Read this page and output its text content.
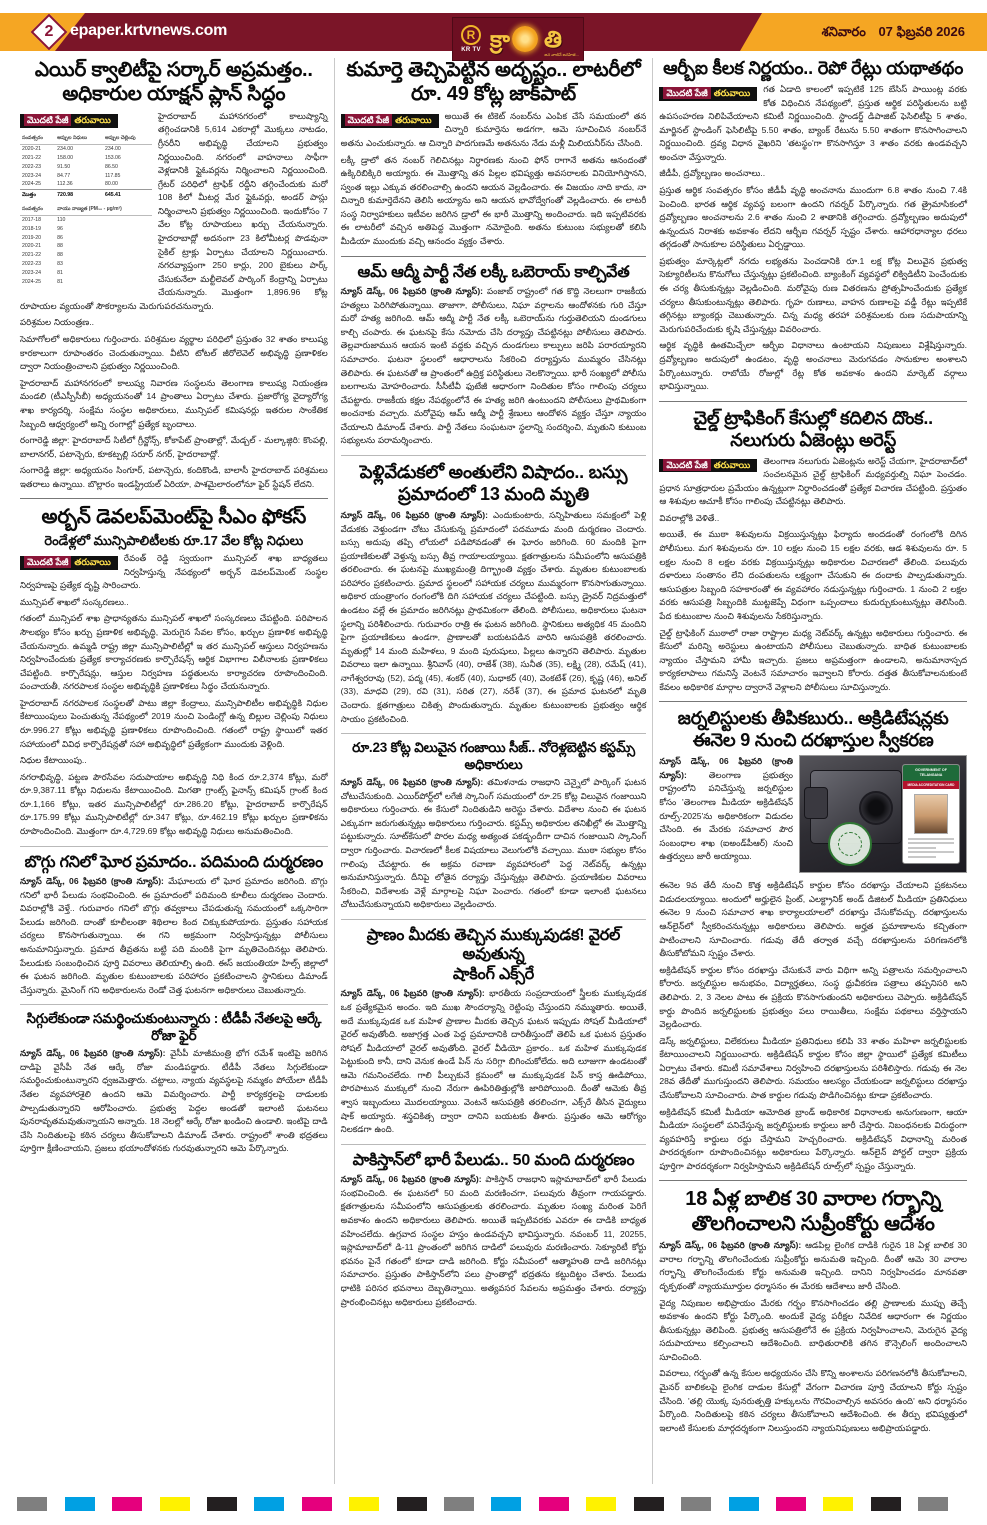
2	epaper.krtvnews.com	R
KR TV క్రా తి
జన వాణినే జనహిత...
శనివారం 07 ఫిబ్రవరి 2026
ఎయిర్ క్వాలిటీపై సర్కార్ అప్రమత్తం..
అధికారుల యాక్షన్ ప్లాన్ సిద్ధం
మొదటి పేజీ తరువాయి
సంవత్సరం	అప్పుల నిధులు	అప్పుల చెల్లింపు
2020-21	234.00	234.00
2021-22	158.00	153.06
2022-23	91.50	86.50
2023-24	84.77	117.85
2024-25	112.36	80.00
మొత్తం	720.98	645.41
సంవత్సరం	వాయు నాణ్యత (PM₁₀ - µg/m³)
2017-18	110
2018-19	96
2019-20	86
2020-21	88
2021-22	88
2022-23	83
2023-24	81
2024-25	81
హైదరాబాద్ మహానగరంలో కాలుష్యాన్ని తగ్గించడానికి 5,614 ఎకరాల్లో మొక్కలు నాటడం, గ్రీనరీని అభివృద్ధి చేయాలని ప్రభుత్వం నిర్ణయించింది. నగరంలో వాహనాలు సాఫీగా వెళ్లడానికి ఫ్లైఓవర్లను నిర్మించాలని నిర్ణయించింది. గ్రేటర్ పరిధిలో ట్రాఫిక్ రద్దీని తగ్గించేందుకు మరో 108 కిలో మీటర్ల మేర ఫ్లైఓవర్లు, అండర్ పాస్లు నిర్మించాలని ప్రభుత్వం నిర్ణయించింది. ఇందుకోసం 7 వేల కోట్ల రూపాయలు ఖర్చు చేయనున్నారు. హైదరాబాద్లో అదనంగా 23 కిలోమీటర్ల పొడవునా సైకిల్ ట్రాక్లు ఏర్పాటు చేయాలని నిర్ణయించారు. నగరవ్యాప్తంగా 250 కార్లు, 200 బైకులు పార్క్ చేసుకునేలా మల్టీలెవల్ పార్కింగ్ కేంద్రాన్ని ఏర్పాటు చేయనున్నారు. మొత్తంగా 1,896.96 కోట్ల రూపాయల వ్యయంతో సౌకర్యాలను మెరుగుపరచనున్నారు.
పరిశ్రమల నియంత్రణ..
సెమాగోలలో అధికారులు గుర్తించారు. పరిశ్రమల వ్యర్థాల పరిధిలో ప్రస్తుతం 32 శాతం కాలుష్య కారకాలుగా రూపాంతరం చెందుతున్నాయి. వీటిని టోటల్ జీరోలెవెల్ అభివృద్ధి ప్రణాళికల ద్వారా నియంత్రించాలని ప్రభుత్వం నిర్ణయించింది.
హైదరాబాద్ మహానగరంలో కాలుష్య నివారణ సంస్థలను తెలంగాణ కాలుష్య నియంత్రణ మండలి (టీఎస్పీసీబీ) అధ్యయనంతో 14 ప్రాంతాలు ఏర్పాటు చేశారు. ప్రజారోగ్య వైద్యారోగ్య శాఖ కార్యదర్శి, సంక్షేమ సంస్థల అధికారులు, మున్సిపల్ కమిషనర్లు ఇతరుల సాంకేతిక సిబ్బంది ఆధ్వర్యంలో అన్ని రంగాల్లో ప్రత్యేక బృందాలు.
రంగారెడ్డి జిల్లా: హైదరాబాద్ సిటీలో గ్రీన్జోన్స్, కోకాపేట్ ప్రాంతాల్లో, మేడ్చల్ - మల్కాజ్గిరి: కొంపల్లి, బాలానగర్, పటాన్చెరు, కూకట్పల్లి సరూర్ నగర్, హైదరాబాద్లో.
సంగారెడ్డి జిల్లా: అధ్యయనం సింగూర్, పటాన్చెరు, కందికొండి, బాలాసీ హైదరాబాద్ పరిశ్రమలు ఇతరాలు ఉన్నాయి. బొల్లారం ఇండస్ట్రియల్ ఏరియా, పాశమైలారంలోనూ ఫైర్ స్టేషన్ లేదని.
అర్బన్ డెవలప్‌మెంట్‌పై సీఎం ఫోకస్
రెండేళ్లలో మున్సిపాలిటీలకు రూ.17 వేల కోట్ల నిధులు
మొదటి పేజీ తరువాయి	రేవంత్ రెడ్డి స్వయంగా మున్సిపల్ శాఖ బాధ్యతలు నిర్వహిస్తున్న నేపథ్యంలో అర్బన్ డెవలప్‌మెంట్ సంస్థల నిర్వహణపై ప్రత్యేక దృష్టి సారించారు.
మున్సిపల్ శాఖలో సంస్కరణలు..
గతంలో మున్సిపల్ శాఖ ప్రాధాన్యతను మున్సిపల్ శాఖలో సంస్కరణలు చేపట్టింది. పరిపాలన సౌలభ్యం కోసం ఖర్చు ప్రణాళిక అభివృద్ధి, మెరుగైన సేవల కోసం, ఖర్చుల ప్రణాళిక అభివృద్ధి చేయనున్నారు. ఉమ్మడి రాష్ట్ర జిల్లా మున్సిపాలిటీల్లో ఇ తర మున్సిపల్ ఆస్తులు నిర్వహణను నిర్వహించేందుకు ప్రత్యేక కార్యాచరణకు కార్పొరేషన్స్ ఆర్థిక విభాగాల విలీనాలకు ప్రణాళికలు చేపట్టింది. కార్పొరేషన్లు, ఆస్తుల నిర్వహణ పద్ధతులను కార్యాచరణ రూపొందించింది. పంచాయతీ, నగరపాలక సంస్థల అభివృద్ధికి ప్రణాళికలు సిద్ధం చేయనున్నారు.
హైదరాబాద్ నగరపాలక సంస్థలతో పాటు జిల్లా కేంద్రాలు, మున్సిపాలిటీల అభివృద్ధికి నిధుల కేటాయింపులు పెంచుతున్న నేపథ్యంలో 2019 నుంచి పెండింగ్లో ఉన్న బిల్లుల చెల్లింపు నిధులు రూ.996.27 కోట్లు అభివృద్ధి ప్రణాళికలు రూపొందించింది. గతంలో రాష్ట్ర స్థాయిలో ఇతర సహాయంలో వివిధ కార్పొరేషన్లతో సహా అభివృద్ధిలో ప్రత్యేకంగా ముందుకు వెళ్లింది.
నిధుల కేటాయింపు..
నగరాభివృద్ధి, పట్టణ పౌరసేవల సదుపాయాల అభివృద్ధి నిధి కింద రూ.2,374 కోట్లు, మరో రూ.9,387.11 కోట్లు నిధులను కేటాయించింది. మిగతా గ్రాంట్స్ ఫైనాన్స్ కమిషన్ గ్రాంట్ కింద రూ.1,166 కోట్లు, ఇతర మున్సిపాలిటీల్లో రూ.286.20 కోట్లు, హైదరాబాద్ కార్పొరేషన్ రూ.175.99 కోట్లు మున్సిపాలిటీల్లో రూ.347 కోట్లు, రూ.462.19 కోట్లు ఖర్చుల ప్రణాళికను రూపొందించింది. మొత్తంగా రూ.4,729.69 కోట్లు అభివృద్ధి నిధులు అనుమతించింది.
బొగ్గు గనిలో ఘోర ప్రమాదం.. పదిమంది దుర్మరణం
న్యూస్ డెస్క్, 06 ఫిబ్రవరి (క్రాంతి న్యూస్): మేఘాలయ లో ఘోర ప్రమాదం జరిగింది. బొగ్గు గనిలో భారీ పేలుడు సంభవించింది. ఈ ప్రమాదంలో పదిమంది కూలీలు దుర్మరణం చెందారు. వివరాల్లోకి వెళ్తే.. గురువారం గనిలో బొగ్గు తవ్వకాలు చేపడుతున్న సమయంలో ఒక్కసారిగా పేలుడు జరిగింది. దాంతో కూలీలంతా శిథిలాల కింద చిక్కుకుపోయారు. ప్రస్తుతం సహాయక చర్యలు కొనసాగుతున్నాయి. ఈ గని అక్రమంగా నిర్వహిస్తున్నట్లు పోలీసులు అనుమానిస్తున్నారు. ప్రమాద తీవ్రతను బట్టి పది మందికి పైగా మృతిచెందినట్లు తెలిపారు. పేలుడుకు సంబంధించిన పూర్తి వివరాలు తెలియాల్సి ఉంది. ఈస్ జయంతియా హిల్స్ జిల్లాలో ఈ ఘటన జరిగింది. మృతుల కుటుంబాలకు పరిహారం ప్రకటించాలని స్థానికులు డిమాండ్ చేస్తున్నారు. మైనింగ్ గని అధికారులను రెండో చెత్త ఘటనగా అధికారులు చెబుతున్నారు.
సిగ్గులేకుండా సమర్థించుకుంటున్నారు : టీడీపీ నేతలపై ఆర్కే రోజా ఫైర్
న్యూస్ డెస్క్, 06 ఫిబ్రవరి (క్రాంతి న్యూస్): వైసీపీ మాజీమంత్రి భోగ రమేశ్ ఇంటిపై జరిగిన దాడిపై వైసీపీ నేత ఆర్కే రోజా మండిపడ్డారు. టీడీపీ నేతలు సిగ్గులేకుండా సమర్థించుకుంటున్నారని ధ్వజమెత్తారు. చట్టాలు, న్యాయ వ్యవస్థలపై నమ్మకం పోయేలా టీడీపీ నేతల వ్యవహారశైలి ఉందని ఆమె విమర్శించారు. పార్టీ కార్యకర్తలపై దాడులకు పాల్పడుతున్నారని ఆరోపించారు. ప్రభుత్వ పెద్దల అండతో ఇలాంటి ఘటనలు పునరావృతమవుతున్నాయని అన్నారు. 18 నెలల్లో ఆర్కే రోజా ఖండించి ఉండాలి. ఇంటిపై దాడి చేసి నిందితులపై కఠిన చర్యలు తీసుకోవాలని డిమాండ్ చేశారు. రాష్ట్రంలో శాంతి భద్రతలు పూర్తిగా క్షీణించాయని, ప్రజలు భయాందోళనకు గురవుతున్నారని ఆమె పేర్కొన్నారు.
కుమార్తె తెచ్చిపెట్టిన అదృష్టం.. లాటరీలో
రూ. 49 కోట్ల జాక్‌పాట్
మొదటి పేజీ తరువాయి	అయితే ఈ టికెట్ నంబర్‌ను ఎంపిక చేసే సమయంలో తన చిన్నారి కుమార్తెను అడగగా, ఆమె సూచించిన నంబర్‌నే అతను ఎంచుకున్నారు. ఆ చిన్నారి పాదగుణమే అతనును నేడు మళ్లీ మిలియనీర్‌ను చేసింది.
లక్కీ డ్రాలో తన నంబర్ గెలిచినట్లు నిర్ధారణకు నుంచి ఫోన్ రాగానే అతను ఆనందంతో ఉక్కిరిబిక్కిరి అయ్యారు. ఈ మొత్తాన్ని తన పిల్లల భవిష్యత్తు అవసరాలకు వినియోగిస్తానని, స్వంత ఇల్లు ఎక్కువ తరలించాల్సి ఉందని ఆయన వెల్లడించారు. ఈ విజయం నాది కాదు, నా చిన్నారి కుమార్తెదేనని తెలిసి అయ్యాను అని ఆయన భావోద్వేగంతో వెల్లడించారు. ఈ లాటరీ సంస్థ నిర్వాహకులు ఇటీవల జరిగిన డ్రాలో ఈ భారీ మొత్తాన్ని అందించారు. ఇది ఇప్పటివరకు ఈ లాటరీలో వచ్చిన అతిపెద్ద మొత్తంగా నమోదైంది. అతను కుటుంబ సభ్యులతో కలిసి మీడియా ముందుకు వచ్చి ఆనందం వ్యక్తం చేశారు.
ఆమ్ ఆద్మీ పార్టీ నేత లక్కీ ఒబెరాయ్ కాల్చివేత
న్యూస్ డెస్క్, 06 ఫిబ్రవరి (క్రాంతి న్యూస్): పంజాబ్ రాష్ట్రంలో గత కొద్ది నెలలుగా రాజకీయ హత్యలు పెరిగిపోతున్నాయి. తాజాగా, పోలీసులు, నిఘా వర్గాలను ఆందోళనకు గురి చేస్తూ మరో హత్య జరిగింది. ఆమ్ ఆద్మీ పార్టీ నేత లక్కీ ఒబెరాయ్‌ను గుర్తుతెలియని దుండగులు కాల్చి చంపారు. ఈ ఘటనపై కేసు నమోదు చేసి దర్యాప్తు చేపట్టినట్లు పోలీసులు తెలిపారు. తెల్లవారుజామున ఆయన ఇంటి వద్దకు వచ్చిన దుండగులు కాల్పులు జరిపి పరారయ్యారని సమాచారం. ఘటనా స్థలంలో ఆధారాలను సేకరించి దర్యాప్తును ముమ్మరం చేసినట్లు తెలిపారు. ఈ ఘటనతో ఆ ప్రాంతంలో ఉద్రిక్త పరిస్థితులు నెలకొన్నాయి. భారీ సంఖ్యలో పోలీసు బలగాలను మోహరించారు. సీసీటీవీ ఫుటేజీ ఆధారంగా నిందితుల కోసం గాలింపు చర్యలు చేపట్టారు. రాజకీయ కక్షల నేపథ్యంలోనే ఈ హత్య జరిగి ఉంటుందని పోలీసులు ప్రాథమికంగా అంచనాకు వచ్చారు. మరోవైపు ఆమ్ ఆద్మీ పార్టీ శ్రేణులు ఆందోళన వ్యక్తం చేస్తూ న్యాయం చేయాలని డిమాండ్ చేశారు. పార్టీ నేతలు సంఘటనా స్థలాన్ని సందర్శించి, మృతుని కుటుంబ సభ్యులను పరామర్శించారు.
పెళ్లివేడుకలో అంతులేని విషాదం.. బస్సు
ప్రమాదంలో 13 మంది మృతి
న్యూస్ డెస్క్, 06 ఫిబ్రవరి (క్రాంతి న్యూస్): ఎందుకుంటారు, సన్నిహితులు సమక్షంలో పెళ్లి వేడుకకు వెళ్తుండగా చోటు చేసుకున్న ప్రమాదంలో పదమూడు మంది దుర్మరణం చెందారు. బస్సు అదుపు తప్పి లోయలో పడిపోవడంతో ఈ ఘోరం జరిగింది. 60 మందికి పైగా ప్రయాణికులతో వెళ్తున్న బస్సు తీవ్ర గాయాలయ్యాయి. క్షతగాత్రులను సమీపంలోని ఆసుపత్రికి తరలించారు. ఈ ఘటనపై ముఖ్యమంత్రి దిగ్భ్రాంతి వ్యక్తం చేశారు. మృతుల కుటుంబాలకు పరిహారం ప్రకటించారు. ప్రమాద స్థలంలో సహాయక చర్యలు ముమ్మరంగా కొనసాగుతున్నాయి. అధికార యంత్రాంగం రంగంలోకి దిగి సహాయక చర్యలు చేపట్టింది. బస్సు డ్రైవర్ నిద్రమత్తులో ఉండటం వల్లే ఈ ప్రమాదం జరిగినట్లు ప్రాథమికంగా తేలింది. పోలీసులు, అధికారులు ఘటనా స్థలాన్ని పరిశీలించారు. గురువారం రాత్రి ఈ ఘటన జరిగింది. స్థానికులు అత్యధిక 45 మందిని పైగా ప్రయాణికులు ఉండగా, ప్రాణాలతో బయటపడిన వారిని ఆసుపత్రికి తరలించారు. మృతుల్లో 14 మంది మహిళలు, 9 మంది పురుషులు, పిల్లలు ఉన్నారని తెలిపారు. మృతుల వివరాలు ఇలా ఉన్నాయి. శ్రీనివాస్ (40), రాజేశ్ (38), సునీత (35), లక్ష్మి (28), రమేష్ (41), నాగేశ్వరరావు (52), పద్మ (45), శంకర్ (40), సుధాకర్ (40), వెంకటేశ్ (26), కృష్ణ (46), అనిల్ (33), మాధవి (29), రవి (31), సరిత (27), నరేశ్ (37), ఈ ప్రమాద ఘటనలో మృతి చెందారు. క్షతగాత్రులు చికిత్స పొందుతున్నారు. మృతుల కుటుంబాలకు ప్రభుత్వం ఆర్థిక సాయం ప్రకటించింది.
రూ.23 కోట్ల విలువైన గంజాయి సీజ్.. నోరెళ్లబెట్టిన కస్టమ్స్ అధికారులు
న్యూస్ డెస్క్, 06 ఫిబ్రవరి (క్రాంతి న్యూస్): తమిళనాడు రాజధాని చెన్నైలో పార్కింగ్ ఘటన చోటుచేసుకుంది. ఎయిర్‌పోర్ట్‌లో లగేజీ స్కానింగ్ సమయంలో రూ.25 కోట్ల విలువైన గంజాయిని అధికారులు గుర్తించారు. ఈ కేసులో నిందితుడిని అరెస్టు చేశారు. విదేశాల నుంచి ఈ ఘటన ఎక్కువగా జరుగుతున్నట్లు అధికారులు గుర్తించారు. కస్టమ్స్ అధికారుల తనిఖీల్లో ఈ మొత్తాన్ని పట్టుకున్నారు. సూట్‌కేసులో పొరల మధ్య అత్యంత పకడ్బందీగా దాచిన గంజాయిని స్కానింగ్ ద్వారా గుర్తించారు. విచారణలో కీలక విషయాలు వెలుగులోకి వచ్చాయి. ముఠా సభ్యుల కోసం గాలింపు చేపట్టారు. ఈ అక్రమ రవాణా వ్యవహారంలో పెద్ద నెట్‌వర్క్ ఉన్నట్లు అనుమానిస్తున్నారు. దీనిపై లోతైన దర్యాప్తు చేస్తున్నట్లు తెలిపారు. ప్రయాణికుల వివరాలు సేకరించి, విదేశాలకు వెళ్లే మార్గాలపై నిఘా పెంచారు. గతంలో కూడా ఇలాంటి ఘటనలు చోటుచేసుకున్నాయని అధికారులు వెల్లడించారు.
ప్రాణం మీదకు తెచ్చిన ముక్కుపుడక! వైరల్ అవుతున్న
షాకింగ్ ఎక్స్‌రే
న్యూస్ డెస్క్, 06 ఫిబ్రవరి (క్రాంతి న్యూస్): భారతీయ సంప్రదాయంలో స్త్రీలకు ముక్కుపుడక ఒక ప్రత్యేకమైన అందం. ఇది ముఖ సౌందర్యాన్ని రెట్టింపు చేస్తుందని నమ్ముతారు. అయితే, అదే ముక్కుపుడక ఒక మహిళ ప్రాణాల మీదకు తెచ్చిన ఘటన ఇప్పుడు సోషల్ మీడియాలో వైరల్ అవుతోంది. అజాగ్రత్త ఎంత పెద్ద ప్రమాదానికి దారితీస్తుందో తెలిపే ఒక ఘటన ప్రస్తుతం సోషల్ మీడియాలో వైరల్ అవుతోంది. వైరల్ వీడియో ప్రకారం.. ఒక మహిళ ముక్కుపుడక పెట్టుకుంది కానీ, దాని వెనుక ఉండే పిన్ ను సరిగ్గా బిగించుకోలేదు. అది లూజుగా ఉండటంతో ఆమె గమనించలేదు. గాలి పీల్చుకునే క్రమంలో ఆ ముక్కుపుడక పిన్ కాస్త ఊడిపోయి, పొరపాటున ముక్కులో నుంచి నేరుగా ఊపిరితిత్తుల్లోకి జారిపోయింది. దీంతో ఆమెకు తీవ్ర శ్వాస ఇబ్బందులు మొదలయ్యాయి. వెంటనే ఆసుపత్రికి తరలించగా, ఎక్స్‌రే తీసిన వైద్యులు షాక్ అయ్యారు. శస్త్రచికిత్స ద్వారా దానిని బయటకు తీశారు. ప్రస్తుతం ఆమె ఆరోగ్యం నిలకడగా ఉంది.
పాకిస్తాన్‌లో భారీ పేలుడు.. 50 మంది దుర్మరణం
న్యూస్ డెస్క్, 06 ఫిబ్రవరి (క్రాంతి న్యూస్): పాకిస్తాన్ రాజధాని ఇస్లామాబాద్‌లో భారీ పేలుడు సంభవించింది. ఈ ఘటనలో 50 మంది మరణించగా, పలువురు తీవ్రంగా గాయపడ్డారు. క్షతగాత్రులను సమీపంలోని ఆసుపత్రులకు తరలించారు. మృతుల సంఖ్య మరింత పెరిగే అవకాశం ఉందని అధికారులు తెలిపారు. అయితే ఇప్పటివరకు ఎవరూ ఈ దాడికి బాధ్యత వహించలేదు. ఉగ్రవాద సంస్థల హస్తం ఉండవచ్చని భావిస్తున్నారు. నవంబర్ 11, 20255, ఇస్లామాబాద్‌లో డి-11 ప్రాంతంలో జరిగిన దాడిలో పలువురు మరణించారు. సెక్యూరిటీ కోర్టు భవనం పైనే గతంలో కూడా దాడి జరిగింది. కోర్టు సమీపంలో ఆత్మాహుతి దాడి జరిగినట్లు సమాచారం. ప్రస్తుతం పాకిస్తాన్‌లోని పలు ప్రాంతాల్లో భద్రతను కట్టుదిట్టం చేశారు. పేలుడు ధాటికి పరిసర భవనాలు దెబ్బతిన్నాయి. అత్యవసర సేవలను అప్రమత్తం చేశారు. దర్యాప్తు ప్రారంభించినట్లు అధికారులు ప్రకటించారు.
ఆర్బీఐ కీలక నిర్ణయం.. రెపో రేట్లు యథాతథం
మొదటి పేజీ తరువాయి	గత ఏడాది కాలంలో ఇప్పటికే 125 బేసిస్ పాయింట్ల వరకు కోత విధించిన నేపథ్యంలో, ప్రస్తుత ఆర్థిక పరిస్థితులను బట్టి ఉపసంహరణ నిలిపివేయాలని కమిటీ నిర్ణయించింది. స్టాండర్డ్ డిపాజిట్ ఫెసిలిటీపై 5 శాతం, మార్జినల్ స్టాండింగ్ ఫెసిలిటీపై 5.50 శాతం, బ్యాంక్ రేటును 5.50 శాతంగా కొనసాగించాలని నిర్ణయించింది. ద్రవ్య విధాన వైఖరిని 'తటస్థం'గా కొనసాగిస్తూ 3 శాతం వరకు ఉండవచ్చని అంచనా వేస్తున్నారు.
జీడీపీ, ద్రవ్యోల్బణం అంచనాలు..
ప్రస్తుత ఆర్థిక సంవత్సరం కోసం జీడీపీ వృద్ధి అంచనాను ముందుగా 6.8 శాతం నుంచి 7.4కి పెంచింది. భారత ఆర్థిక వ్యవస్థ బలంగా ఉందని గవర్నర్ పేర్కొన్నారు. గత త్రైమాసికంలో ద్రవ్యోల్బణం అంచనాలను 2.6 శాతం నుంచి 2 శాతానికి తగ్గించారు. ద్రవ్యోల్బణం అదుపులో ఉన్నందున నిరాశకు అవకాశం లేదని ఆర్బీఐ గవర్నర్ స్పష్టం చేశారు. ఆహారధాన్యాల ధరలు తగ్గడంతో సానుకూల పరిస్థితులు ఏర్పడ్డాయి.
ప్రభుత్వం మార్కెట్లలో నగదు లభ్యతను పెంచడానికి రూ.1 లక్ష కోట్ల విలువైన ప్రభుత్వ సెక్యూరిటీలను కొనుగోలు చేస్తున్నట్లు ప్రకటించింది. బ్యాంకింగ్ వ్యవస్థలో లిక్విడిటీని పెంచేందుకు ఈ చర్య తీసుకున్నట్లు వెల్లడించింది. మరోవైపు రుణ వితరణను ప్రోత్సహించేందుకు ప్రత్యేక చర్యలు తీసుకుంటున్నట్లు తెలిపారు. గృహ రుణాలు, వాహన రుణాలపై వడ్డీ రేట్లు ఇప్పటికే తగ్గినట్లు బ్యాంకర్లు చెబుతున్నారు. చిన్న మధ్య తరహా పరిశ్రమలకు రుణ సదుపాయాన్ని మెరుగుపరిచేందుకు కృషి చేస్తున్నట్లు వివరించారు.
ఆర్థిక వృద్ధికి ఊతమిచ్చేలా ఆర్బీఐ విధానాలు ఉంటాయని నిపుణులు విశ్లేషిస్తున్నారు. ద్రవ్యోల్బణం అదుపులో ఉండటం, వృద్ధి అంచనాలు మెరుగవడం సానుకూల అంశాలని పేర్కొంటున్నారు. రాబోయే రోజుల్లో రేట్ల కోత అవకాశం ఉందని మార్కెట్ వర్గాలు భావిస్తున్నాయి.
చైల్డ్ ట్రాఫికింగ్ కేసుల్లో కదిలిన దొంక..
నలుగురు ఏజెంట్లు అరెస్ట్
మొదటి పేజీ తరువాయి	తెలంగాణ నలుగురు ఏజెంట్లను అరెస్ట్ చేయగా, హైదరాబాద్‌లో సంచలనమైన చైల్డ్ ట్రాఫికింగ్ మధ్యవర్తుల్ని నిఘా పెంచడం. ప్రధాన సూత్రధారుల ప్రమేయం ఉన్నట్లుగా నిర్ధారించడంతో ప్రత్యేక విచారణ చేపట్టింది. ప్రస్తుతం ఆ శిశువుల ఆచూకీ కోసం గాలింపు చేపట్టినట్లు తెలిపారు.
వివరాల్లోకి వెళితే..
అయితే, ఈ ముఠా శిశువులను విక్రయిస్తున్నట్లు ఫిర్యాదు అందడంతో రంగంలోకి దిగిన పోలీసులు. మగ శిశువులను రూ. 10 లక్షల నుంచి 15 లక్షల వరకు, ఆడ శిశువులను రూ. 5 లక్షల నుంచి 8 లక్షల వరకు విక్రయిస్తున్నట్లు అధికారుల విచారణలో తేలింది. పలువురు దళారులు సంతానం లేని దంపతులను లక్ష్యంగా చేసుకుని ఈ దందాకు పాల్పడుతున్నారు. ఆసుపత్రుల సిబ్బంది సహకారంతో ఈ వ్యవహారం నడుస్తున్నట్లు గుర్తించారు. 1 నుంచి 2 లక్షల వరకు ఆసుపత్రి సిబ్బందికి ముట్టజెప్పే విధంగా ఒప్పందాలు కుదుర్చుకుంటున్నట్లు తెలిసింది. పేద కుటుంబాల నుంచి శిశువులను సేకరిస్తున్నారు.
చైల్డ్ ట్రాఫికింగ్ ముఠాలో రాజా రాష్ట్రాల మధ్య నెట్‌వర్క్ ఉన్నట్లు అధికారులు గుర్తించారు. ఈ కేసులో మరిన్ని అరెస్టులు ఉంటాయని పోలీసులు చెబుతున్నారు. బాధిత కుటుంబాలకు న్యాయం చేస్తామని హామీ ఇచ్చారు. ప్రజలు అప్రమత్తంగా ఉండాలని, అనుమానాస్పద కార్యకలాపాలు గమనిస్తే వెంటనే సమాచారం ఇవ్వాలని కోరారు. దత్తత తీసుకోవాలనుకుంటే కేవలం అధికారిక మార్గాల ద్వారానే వెళ్లాలని పోలీసులు సూచిస్తున్నారు.
జర్నలిస్టులకు తీపికబురు.. అక్రిడిటేషన్లకు
ఈనెల 9 నుంచి దరఖాస్తుల స్వీకరణ
GOVERNMENT OF TELANGANA
MEDIA ACCREDITATION CARD
న్యూస్ డెస్క్, 06 ఫిబ్రవరి (క్రాంతి న్యూస్):	తెలంగాణ ప్రభుత్వం రాష్ట్రంలోని పనిచేస్తున్న జర్నలిస్టుల కోసం 'తెలంగాణ మీడియా అక్రిడిటేషన్ రూల్స్-2025'ను అధికారికంగా విడుదల చేసింది. ఈ మేరకు సమాచార పౌర సంబంధాల శాఖ (ఐఅండ్‌పీఆర్) నుంచి ఉత్తర్వులు జారీ అయ్యాయి.
ఈనెల 9వ తేదీ నుంచి కొత్త అక్రిడిటేషన్ కార్డుల కోసం దరఖాస్తు చేయాలని ప్రకటనలు విడుదలయ్యాయి. అందులో అర్హులైన ప్రింట్, ఎలక్ట్రానిక్ అండ్ డిజిటల్ మీడియా ప్రతినిధులు ఈనెల 9 నుంచి సమాచార శాఖ కార్యాలయాలలో దరఖాస్తు చేసుకోవచ్చు. దరఖాస్తులను ఆన్‌లైన్‌లో స్వీకరించనున్నట్లు అధికారులు తెలిపారు. అర్హత ప్రమాణాలను కచ్చితంగా పాటించాలని సూచించారు. గడువు తేదీ తర్వాత వచ్చే దరఖాస్తులను పరిగణనలోకి తీసుకోబోమని స్పష్టం చేశారు.
అక్రిడిటేషన్ కార్డుల కోసం దరఖాస్తు చేసుకునే వారు విధిగా అన్ని పత్రాలను సమర్పించాలని కోరారు. జర్నలిస్టుల అనుభవం, విద్యార్హతలు, సంస్థ ధ్రువీకరణ పత్రాలు తప్పనిసరి అని తెలిపారు. 2, 3 నెలల పాటు ఈ ప్రక్రియ కొనసాగుతుందని అధికారులు చెప్పారు. అక్రిడిటేషన్ కార్డు పొందిన జర్నలిస్టులకు ప్రభుత్వం పలు రాయితీలు, సంక్షేమ పథకాలు వర్తిస్తాయని వెల్లడించారు.
డెస్క్ జర్నలిస్టులు, విలేకరులు మీడియా ప్రతినిధులు కలిపి 33 శాతం మహిళా జర్నలిస్టులకు కేటాయించాలని నిర్ణయించారు. అక్రిడిటేషన్ కార్డుల కోసం జిల్లా స్థాయిలో ప్రత్యేక కమిటీలు ఏర్పాటు చేశారు. కమిటీ సమావేశాలు నిర్వహించి దరఖాస్తులను పరిశీలిస్తారు. గడువు ఈ నెల 28వ తేదీతో ముగుస్తుందని తెలిపారు. సమయం ఆలస్యం చేయకుండా జర్నలిస్టులు దరఖాస్తు చేసుకోవాలని సూచించారు. పాత కార్డుల గడువు పొడిగించినట్లు కూడా ప్రకటించారు.
అక్రిడిటేషన్ కమిటీ మీడియా ఆమోదిత బ్రాండ్ అధికారిక విధానాలకు అనుగుణంగా, ఆయా మీడియా సంస్థలలో పనిచేస్తున్న జర్నలిస్టులకు కార్డులు జారీ చేస్తారు. నిబంధనలకు విరుద్ధంగా వ్యవహరిస్తే కార్డులు రద్దు చేస్తామని హెచ్చరించారు. అక్రిడిటేషన్ విధానాన్ని మరింత పారదర్శకంగా రూపొందించినట్లు అధికారులు పేర్కొన్నారు. ఆన్‌లైన్ పోర్టల్ ద్వారా ప్రక్రియ పూర్తిగా పారదర్శకంగా నిర్వహిస్తామని అక్రిడిటేషన్ రూల్స్‌లో స్పష్టం చేస్తున్నారు.
18 ఏళ్ల బాలిక 30 వారాల గర్భాన్ని
తొలగించాలని సుప్రీంకోర్టు ఆదేశం
న్యూస్ డెస్క్, 06 ఫిబ్రవరి (క్రాంతి న్యూస్): ఆడపిల్ల లైంగిక దాడికి గురైన 18 ఏళ్ల బాలిక 30 వారాల గర్భాన్ని తొలగించేందుకు సుప్రీంకోర్టు అనుమతి ఇచ్చింది. దీంతో ఆమె 30 వారాల గర్భాన్ని తొలగించేందుకు కోర్టు అనుమతి ఇచ్చింది. దానిని నిర్వహించడం మానవతా దృక్పథంతో న్యాయమూర్తుల ధర్మాసనం ఈ మేరకు ఆదేశాలు జారీ చేసింది.
వైద్య నిపుణుల అభిప్రాయం మేరకు గర్భం కొనసాగించడం తల్లి ప్రాణాలకు ముప్పు తెచ్చే అవకాశం ఉందని కోర్టు పేర్కొంది. అందుకే వైద్య పరీక్షల నివేదిక ఆధారంగా ఈ నిర్ణయం తీసుకున్నట్లు తెలిపింది. ప్రభుత్వ ఆసుపత్రిలోనే ఈ ప్రక్రియ నిర్వహించాలని, మెరుగైన వైద్య సదుపాయాలు కల్పించాలని ఆదేశించింది. బాధితురాలికి తగిన కౌన్సెలింగ్ అందించాలని సూచించింది.
వివరాలు, గర్భంతో ఉన్న కేసుల అధ్యయనం చేసి కొన్ని అంశాలను పరిగణనలోకి తీసుకోవాలని, మైనర్ బాలికలపై లైంగిక దాడుల కేసుల్లో వేగంగా విచారణ పూర్తి చేయాలని కోర్టు స్పష్టం చేసింది. 'తల్లి యొక్క పునరుత్పత్తి హక్కులను గౌరవించాల్సిన అవసరం ఉంది' అని ధర్మాసనం పేర్కొంది. నిందితులపై కఠిన చర్యలు తీసుకోవాలని ఆదేశించింది. ఈ తీర్పు భవిష్యత్తులో ఇలాంటి కేసులకు మార్గదర్శకంగా నిలుస్తుందని న్యాయనిపుణులు అభిప్రాయపడ్డారు.
